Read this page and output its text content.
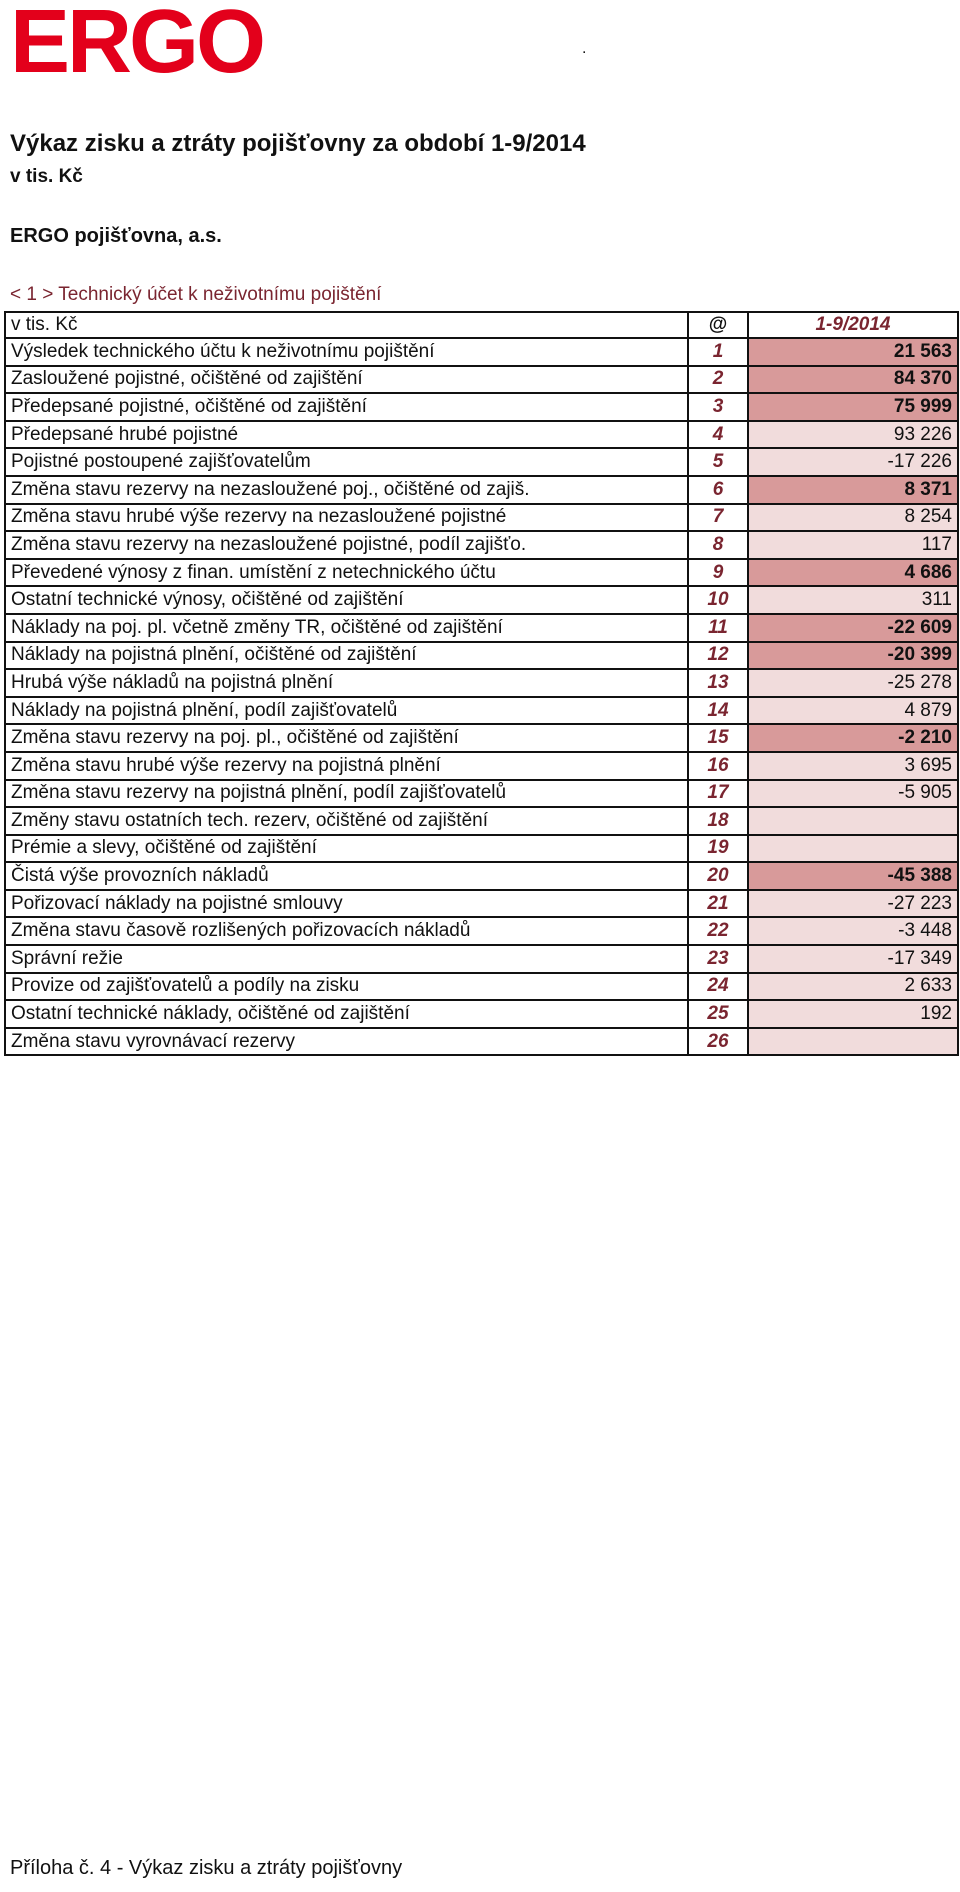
ERGO	.
Výkaz zisku a ztráty pojišťovny za období 1-9/2014
v tis. Kč
ERGO pojišťovna, a.s.
< 1 > Technický účet k neživotnímu pojištění
v tis. Kč	@	1-9/2014
Výsledek technického účtu k neživotnímu pojištění	1	21 563
Zasloužené pojistné, očištěné od zajištění	2	84 370
Předepsané pojistné, očištěné od zajištění	3	75 999
Předepsané hrubé pojistné	4	93 226
Pojistné postoupené zajišťovatelům	5	-17 226
Změna stavu rezervy na nezasloužené poj., očištěné od zajiš.	6	8 371
Změna stavu hrubé výše rezervy na nezasloužené pojistné	7	8 254
Změna stavu rezervy na nezasloužené pojistné, podíl zajišťo.	8	117
Převedené výnosy z finan. umístění z netechnického účtu	9	4 686
Ostatní technické výnosy, očištěné od zajištění	10	311
Náklady na poj. pl. včetně změny TR, očištěné od zajištění	11	-22 609
Náklady na pojistná plnění, očištěné od zajištění	12	-20 399
Hrubá výše nákladů na pojistná plnění	13	-25 278
Náklady na pojistná plnění, podíl zajišťovatelů	14	4 879
Změna stavu rezervy na poj. pl., očištěné od zajištění	15	-2 210
Změna stavu hrubé výše rezervy na pojistná plnění	16	3 695
Změna stavu rezervy na pojistná plnění, podíl zajišťovatelů	17	-5 905
Změny stavu ostatních tech. rezerv, očištěné od zajištění	18	
Prémie a slevy, očištěné od zajištění	19	
Čistá výše provozních nákladů	20	-45 388
Pořizovací náklady na pojistné smlouvy	21	-27 223
Změna stavu časově rozlišených pořizovacích nákladů	22	-3 448
Správní režie	23	-17 349
Provize od zajišťovatelů a podíly na zisku	24	2 633
Ostatní technické náklady, očištěné od zajištění	25	192
Změna stavu vyrovnávací rezervy	26	
Příloha č. 4 - Výkaz zisku a ztráty pojišťovny
